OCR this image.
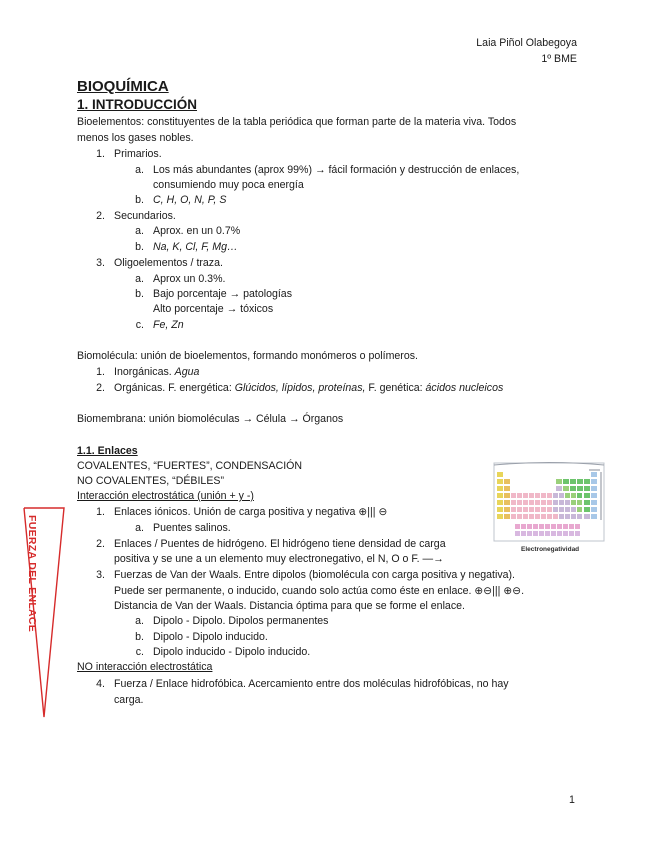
Laia Piñol Olabegoya
1º BME
BIOQUÍMICA
1. INTRODUCCIÓN
Bioelementos: constituyentes de la tabla periódica que forman parte de la materia viva. Todos
menos los gases nobles.
1. Primarios.
a. Los más abundantes (aprox 99%) → fácil formación y destrucción de enlaces,
consumiendo muy poca energía
b. C, H, O, N, P, S
2. Secundarios.
a. Aprox. en un 0.7%
b. Na, K, Cl, F, Mg…
3. Oligoelementos / traza.
a. Aprox un 0.3%.
b. Bajo porcentaje → patologías
Alto porcentaje → tóxicos
c. Fe, Zn
Biomolécula: unión de bioelementos, formando monómeros o polímeros.
1. Inorgánicas. Agua
2. Orgánicas. F. energética: Glúcidos, lípidos, proteínas, F. genética: ácidos nucleicos
Biomembrana: unión biomoléculas → Célula → Órganos
1.1. Enlaces
COVALENTES, “FUERTES”, CONDENSACIÓN
NO COVALENTES, “DÉBILES”
Interacción electrostática (unión + y -)
1. Enlaces iónicos. Unión de carga positiva y negativa ⊕||| ⊖
a. Puentes salinos.
2. Enlaces / Puentes de hidrógeno. El hidrógeno tiene densidad de carga
positiva y se une a un elemento muy electronegativo, el N, O o F. —→
3. Fuerzas de Van der Waals. Entre dipolos (biomolécula con carga positiva y negativa).
Puede ser permanente, o inducido, cuando solo actúa como éste en enlace. ⊕⊖||| ⊕⊖.
Distancia de Van der Waals. Distancia óptima para que se forme el enlace.
a. Dipolo - Dipolo. Dipolos permanentes
b. Dipolo - Dipolo inducido.
c. Dipolo inducido - Dipolo inducido.
NO interacción electrostática
4. Fuerza / Enlace hidrofóbica. Acercamiento entre dos moléculas hidrofóbicas, no hay
carga.
FUERZA DEL ENLACE	Electronegatividad
1
